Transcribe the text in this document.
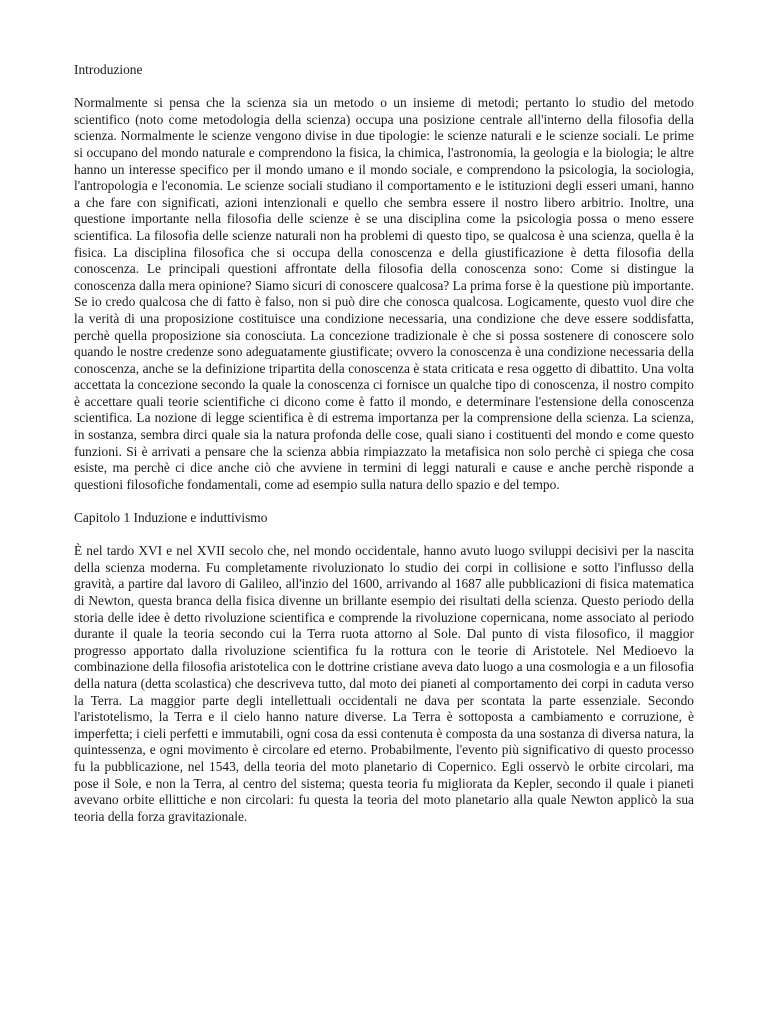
Introduzione

Normalmente si pensa che la scienza sia un metodo o un insieme di metodi; pertanto lo studio del metodo scientifico (noto come metodologia della scienza) occupa una posizione centrale all'interno della filosofia della scienza. Normalmente le scienze vengono divise in due tipologie: le scienze naturali e le scienze sociali. Le prime si occupano del mondo naturale e comprendono la fisica, la chimica, l'astronomia, la geologia e la biologia; le altre hanno un interesse specifico per il mondo umano e il mondo sociale, e comprendono la psicologia, la sociologia, l'antropologia e l'economia. Le scienze sociali studiano il comportamento e le istituzioni degli esseri umani, hanno a che fare con significati, azioni intenzionali e quello che sembra essere il nostro libero arbitrio. Inoltre, una questione importante nella filosofia delle scienze è se una disciplina come la psicologia possa o meno essere scientifica. La filosofia delle scienze naturali non ha problemi di questo tipo, se qualcosa è una scienza, quella è la fisica. La disciplina filosofica che si occupa della conoscenza e della giustificazione è detta filosofia della conoscenza. Le principali questioni affrontate della filosofia della conoscenza sono: Come si distingue la conoscenza dalla mera opinione? Siamo sicuri di conoscere qualcosa? La prima forse è la questione più importante. Se io credo qualcosa che di fatto è falso, non si può dire che conosca qualcosa. Logicamente, questo vuol dire che la verità di una proposizione costituisce una condizione necessaria, una condizione che deve essere soddisfatta, perchè quella proposizione sia conosciuta. La concezione tradizionale è che si possa sostenere di conoscere solo quando le nostre credenze sono adeguatamente giustificate; ovvero la conoscenza è una condizione necessaria della conoscenza, anche se la definizione tripartita della conoscenza è stata criticata e resa oggetto di dibattito. Una volta accettata la concezione secondo la quale la conoscenza ci fornisce un qualche tipo di conoscenza, il nostro compito è accettare quali teorie scientifiche ci dicono come è fatto il mondo, e determinare l'estensione della conoscenza scientifica. La nozione di legge scientifica è di estrema importanza per la comprensione della scienza. La scienza, in sostanza, sembra dirci quale sia la natura profonda delle cose, quali siano i costituenti del mondo e come questo funzioni. Si è arrivati a pensare che la scienza abbia rimpiazzato la metafisica non solo perchè ci spiega che cosa esiste, ma perchè ci dice anche ciò che avviene in termini di leggi naturali e cause e anche perchè risponde a questioni filosofiche fondamentali, come ad esempio sulla natura dello spazio e del tempo.

Capitolo 1 Induzione e induttivismo

È nel tardo XVI e nel XVII secolo che, nel mondo occidentale, hanno avuto luogo sviluppi decisivi per la nascita della scienza moderna. Fu completamente rivoluzionato lo studio dei corpi in collisione e sotto l'influsso della gravità, a partire dal lavoro di Galileo, all'inzio del 1600, arrivando al 1687 alle pubblicazioni di fisica matematica di Newton, questa branca della fisica divenne un brillante esempio dei risultati della scienza. Questo periodo della storia delle idee è detto rivoluzione scientifica e comprende la rivoluzione copernicana, nome associato al periodo durante il quale la teoria secondo cui la Terra ruota attorno al Sole. Dal punto di vista filosofico, il maggior progresso apportato dalla rivoluzione scientifica fu la rottura con le teorie di Aristotele. Nel Medioevo la combinazione della filosofia aristotelica con le dottrine cristiane aveva dato luogo a una cosmologia e a un filosofia della natura (detta scolastica) che descriveva tutto, dal moto dei pianeti al comportamento dei corpi in caduta verso la Terra. La maggior parte degli intellettuali occidentali ne dava per scontata la parte essenziale. Secondo l'aristotelismo, la Terra e il cielo hanno nature diverse. La Terra è sottoposta a cambiamento e corruzione, è imperfetta; i cieli perfetti e immutabili, ogni cosa da essi contenuta è composta da una sostanza di diversa natura, la quintessenza, e ogni movimento è circolare ed eterno. Probabilmente, l'evento più significativo di questo processo fu la pubblicazione, nel 1543, della teoria del moto planetario di Copernico. Egli osservò le orbite circolari, ma pose il Sole, e non la Terra, al centro del sistema; questa teoria fu migliorata da Kepler, secondo il quale i pianeti avevano orbite ellittiche e non circolari: fu questa la teoria del moto planetario alla quale Newton applicò la sua teoria della forza gravitazionale.
